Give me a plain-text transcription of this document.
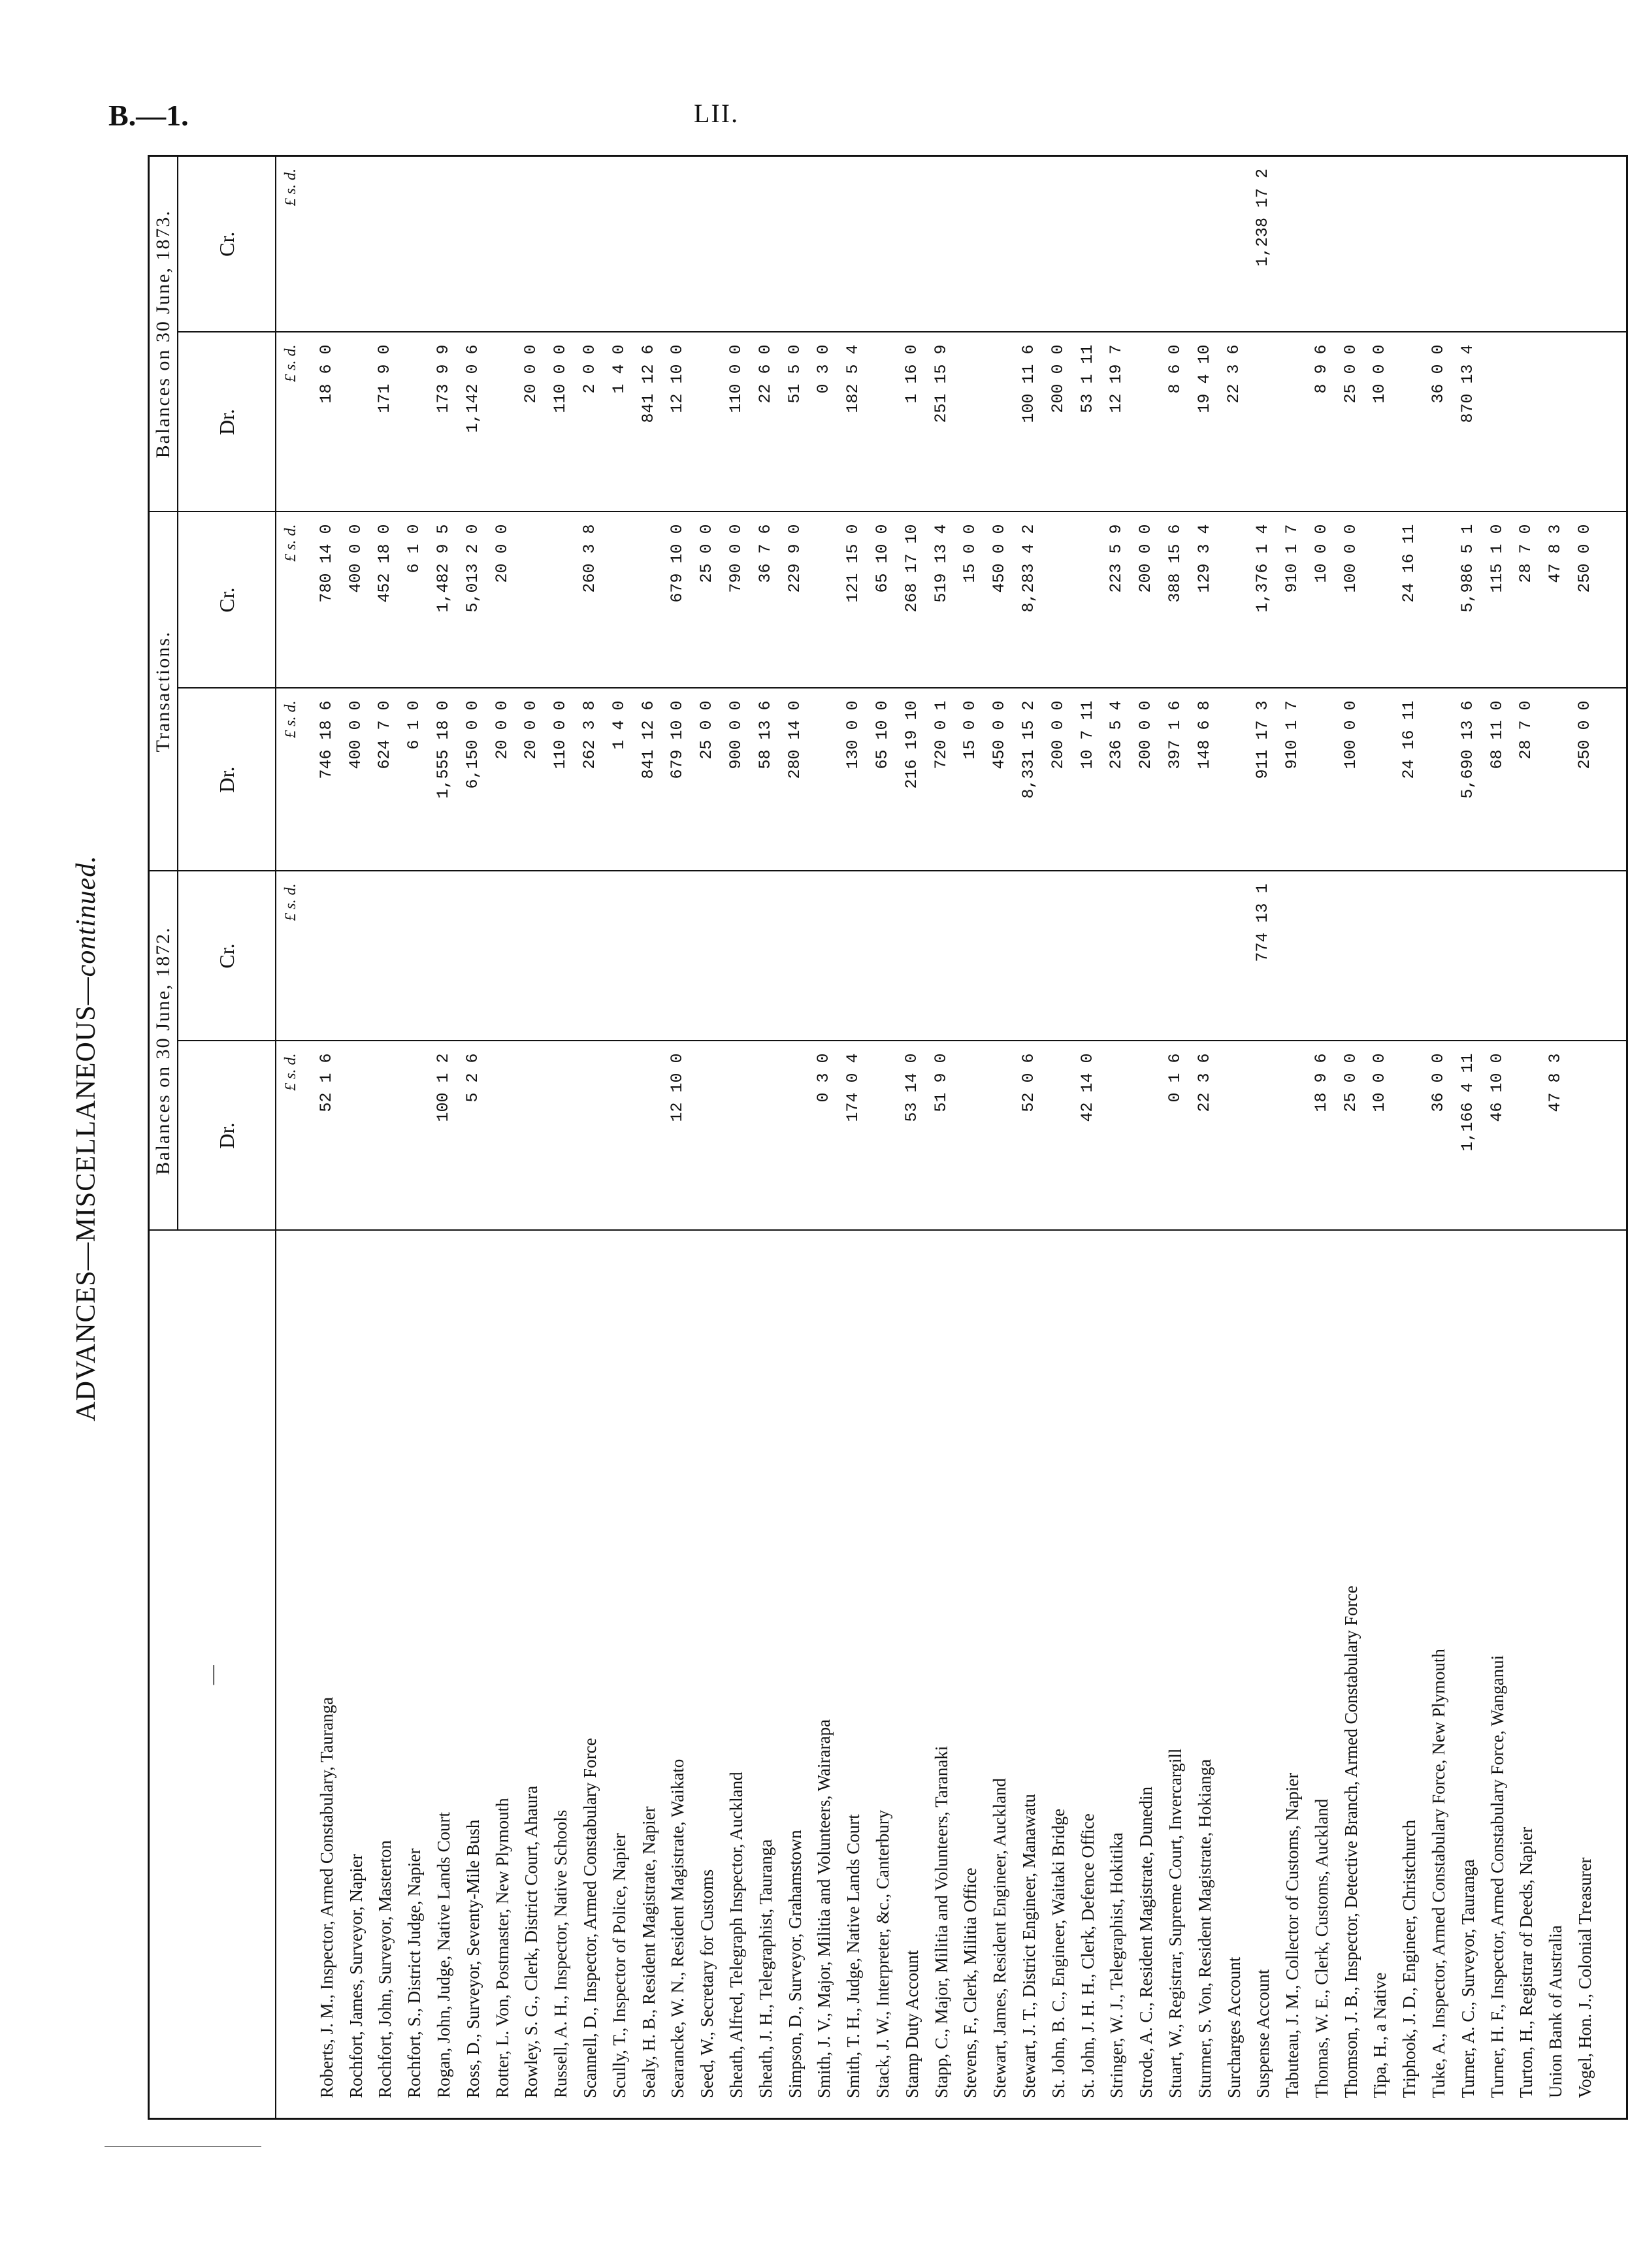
B.—1.	LII.
ADVANCES—MISCELLANEOUS—continued.
—	Balances on 30 June, 1872.		Transactions.		Balances on 30 June, 1873.	
	Dr.	Cr.	Dr.	Cr.	Dr.	Cr.
	£ s. d.	£ s. d.	£ s. d.	£ s. d.	£ s. d.	£ s. d.
Roberts, J. M., Inspector, Armed Constabulary, Tauranga	52 1 6		746 18 6	780 14 0	18 6 0	
Rochfort, James, Surveyor, Napier			400 0 0	400 0 0		
Rochfort, John, Surveyor, Masterton			624 7 0	452 18 0	171 9 0	
Rochfort, S., District Judge, Napier			6 1 0	6 1 0		
Rogan, John, Judge, Native Lands Court	100 1 2		1,555 18 0	1,482 9 5	173 9 9	
Ross, D., Surveyor, Seventy-Mile Bush	5 2 6		6,150 0 0	5,013 2 0	1,142 0 6	
Rotter, L. Von, Postmaster, New Plymouth			20 0 0	20 0 0		
Rowley, S. G., Clerk, District Court, Ahaura			20 0 0		20 0 0	
Russell, A. H., Inspector, Native Schools			110 0 0		110 0 0	
Scannell, D., Inspector, Armed Constabulary Force			262 3 8	260 3 8	2 0 0	
Scully, T., Inspector of Police, Napier			1 4 0		1 4 0	
Sealy, H. B., Resident Magistrate, Napier			841 12 6		841 12 6	
Searancke, W. N., Resident Magistrate, Waikato	12 10 0		679 10 0	679 10 0	12 10 0	
Seed, W., Secretary for Customs			25 0 0	25 0 0		
Sheath, Alfred, Telegraph Inspector, Auckland			900 0 0	790 0 0	110 0 0	
Sheath, J. H., Telegraphist, Tauranga			58 13 6	36 7 6	22 6 0	
Simpson, D., Surveyor, Grahamstown			280 14 0	229 9 0	51 5 0	
Smith, J. V., Major, Militia and Volunteers, Wairarapa	0 3 0				0 3 0	
Smith, T. H., Judge, Native Lands Court	174 0 4		130 0 0	121 15 0	182 5 4	
Stack, J. W., Interpreter, &c., Canterbury			65 10 0	65 10 0		
Stamp Duty Account	53 14 0		216 19 10	268 17 10	1 16 0	
Stapp, C., Major, Militia and Volunteers, Taranaki	51 9 0		720 0 1	519 13 4	251 15 9	
Stevens, F., Clerk, Militia Office			15 0 0	15 0 0		
Stewart, James, Resident Engineer, Auckland			450 0 0	450 0 0		
Stewart, J. T., District Engineer, Manawatu	52 0 6		8,331 15 2	8,283 4 2	100 11 6	
St. John, B. C., Engineer, Waitaki Bridge			200 0 0		200 0 0	
St. John, J. H. H., Clerk, Defence Office	42 14 0		10 7 11		53 1 11	
Stringer, W. J., Telegraphist, Hokitika			236 5 4	223 5 9	12 19 7	
Strode, A. C., Resident Magistrate, Dunedin			200 0 0	200 0 0		
Stuart, W., Registrar, Supreme Court, Invercargill	0 1 6		397 1 6	388 15 6	8 6 0	
Sturmer, S. Von, Resident Magistrate, Hokianga	22 3 6		148 6 8	129 3 4	19 4 10	
Surcharges Account					22 3 6	
Suspense Account		774 13 1	911 17 3	1,376 1 4		1,238 17 2
Tabuteau, J. M., Collector of Customs, Napier			910 1 7	910 1 7		
Thomas, W. E., Clerk, Customs, Auckland	18 9 6			10 0 0	8 9 6	
Thomson, J. B., Inspector, Detective Branch, Armed Constabulary Force	25 0 0		100 0 0	100 0 0	25 0 0	
Tipa, H., a Native	10 0 0				10 0 0	
Triphook, J. D., Engineer, Christchurch			24 16 11	24 16 11		
Tuke, A., Inspector, Armed Constabulary Force, New Plymouth	36 0 0				36 0 0	
Turner, A. C., Surveyor, Tauranga	1,166 4 11		5,690 13 6	5,986 5 1	870 13 4	
Turner, H. F., Inspector, Armed Constabulary Force, Wanganui	46 10 0		68 11 0	115 1 0		
Turton, H., Registrar of Deeds, Napier			28 7 0	28 7 0		
Union Bank of Australia	47 8 3			47 8 3		
Vogel, Hon. J., Colonial Treasurer			250 0 0	250 0 0		
